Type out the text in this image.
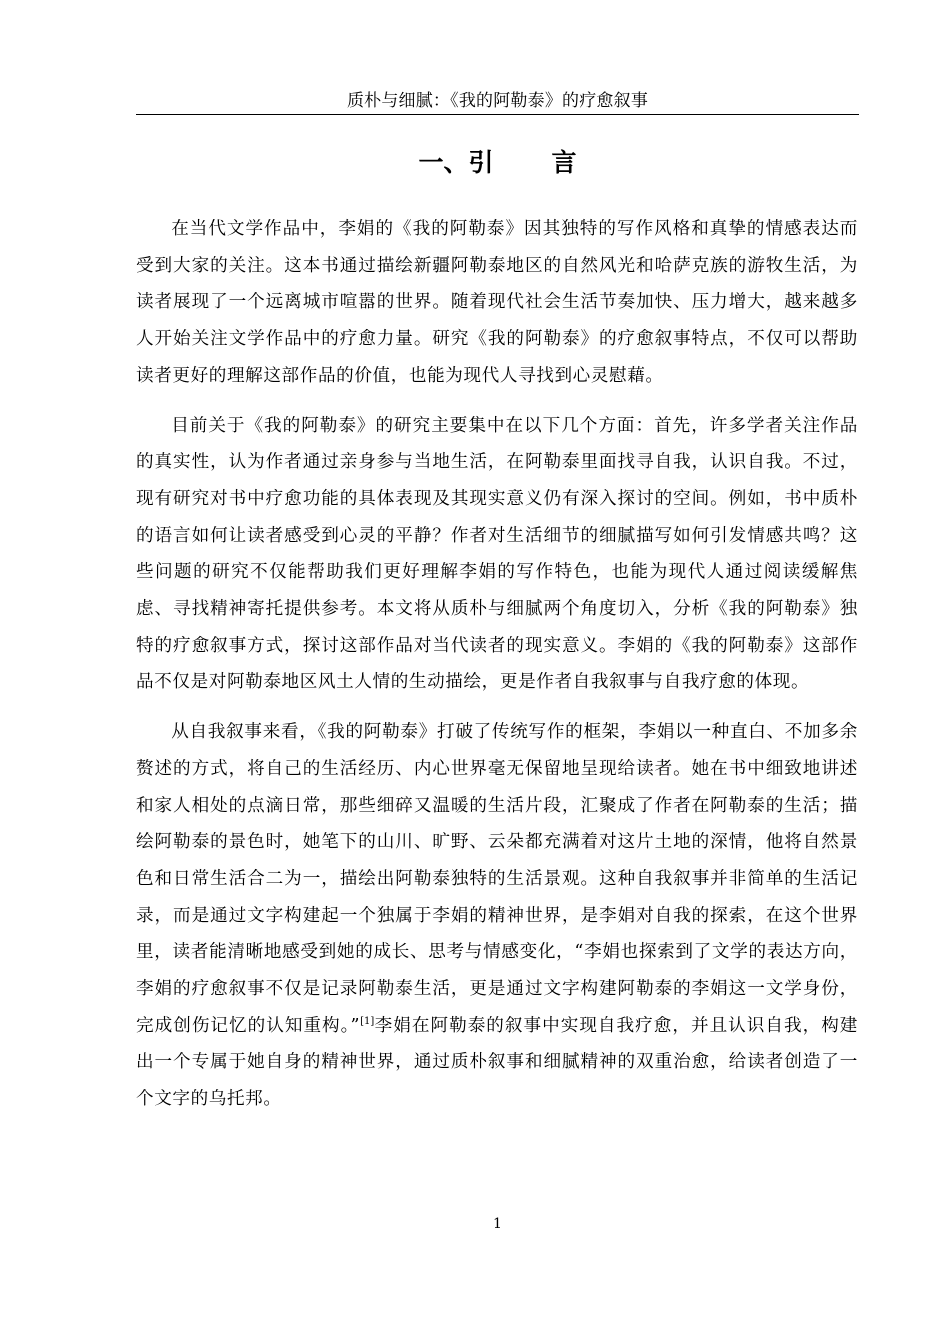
质朴与细腻：《我的阿勒泰》的疗愈叙事
一、引 言

在当代文学作品中，李娟的《我的阿勒泰》因其独特的写作风格和真挚的情感表达而受到大家的关注。这本书通过描绘新疆阿勒泰地区的自然风光和哈萨克族的游牧生活，为读者展现了一个远离城市喧嚣的世界。随着现代社会生活节奏加快、压力增大，越来越多人开始关注文学作品中的疗愈力量。研究《我的阿勒泰》的疗愈叙事特点，不仅可以帮助读者更好的理解这部作品的价值，也能为现代人寻找到心灵慰藉。

目前关于《我的阿勒泰》的研究主要集中在以下几个方面：首先，许多学者关注作品的真实性，认为作者通过亲身参与当地生活，在阿勒泰里面找寻自我，认识自我。不过，现有研究对书中疗愈功能的具体表现及其现实意义仍有深入探讨的空间。例如，书中质朴的语言如何让读者感受到心灵的平静？作者对生活细节的细腻描写如何引发情感共鸣？这些问题的研究不仅能帮助我们更好理解李娟的写作特色，也能为现代人通过阅读缓解焦虑、寻找精神寄托提供参考。本文将从质朴与细腻两个角度切入，分析《我的阿勒泰》独特的疗愈叙事方式，探讨这部作品对当代读者的现实意义。李娟的《我的阿勒泰》这部作品不仅是对阿勒泰地区风土人情的生动描绘，更是作者自我叙事与自我疗愈的体现。

从自我叙事来看，《我的阿勒泰》打破了传统写作的框架，李娟以一种直白、不加多余赘述的方式，将自己的生活经历、内心世界毫无保留地呈现给读者。她在书中细致地讲述和家人相处的点滴日常，那些细碎又温暖的生活片段，汇聚成了作者在阿勒泰的生活；描绘阿勒泰的景色时，她笔下的山川、旷野、云朵都充满着对这片土地的深情，他将自然景色和日常生活合二为一，描绘出阿勒泰独特的生活景观。这种自我叙事并非简单的生活记录，而是通过文字构建起一个独属于李娟的精神世界，是李娟对自我的探索，在这个世界里，读者能清晰地感受到她的成长、思考与情感变化，“李娟也探索到了文学的表达方向，李娟的疗愈叙事不仅是记录阿勒泰生活，更是通过文字构建阿勒泰的李娟这一文学身份，完成创伤记忆的认知重构。”[1]李娟在阿勒泰的叙事中实现自我疗愈，并且认识自我，构建出一个专属于她自身的精神世界，通过质朴叙事和细腻精神的双重治愈，给读者创造了一个文字的乌托邦。

1
